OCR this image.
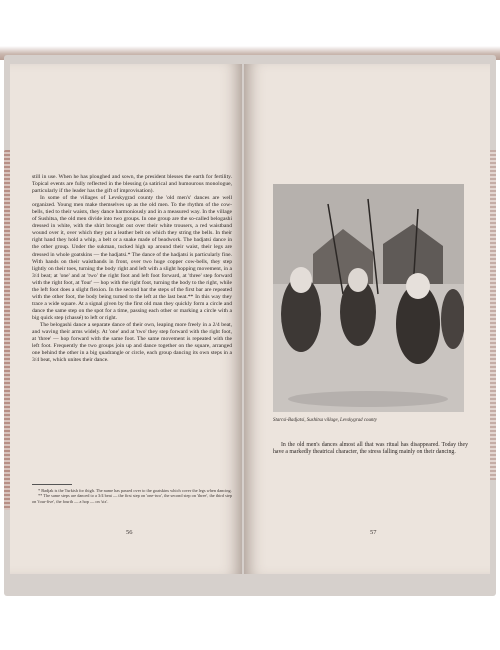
still in use. When he has ploughed and sown, the president blesses the earth for fertility. Topical events are fully reflected in the blessing (a satirical and humourous monologue, particularly if the leader has the gift of improvisation).

In some of the villages of Levskygrad county the 'old men's' dances are well organized. Young men make themselves up as the old men. To the rhythm of the cow-bells, tied to their waists, they dance harmoniously and in a measured way. In the village of Sushitsa, the old men divide into two groups. In one group are the so-called belogashi dressed in white, with the shirt brought out over their white trousers, a red waistband wound over it, over which they put a leather belt on which they string the bells. In their right hand they hold a whip, a belt or a snake made of beadwork. The badjatsi dance in the other group. Under the sukman, tucked high up around their waist, their legs are dressed in whole goatskins — the hadjatsi.* The dance of the hadjatsi is particularly fine. With hands on their waistbands in front, over two huge copper cow-bells, they step lightly on their toes, turning the body right and left with a slight hopping movement, in a 3/4 beat; at 'one' and at 'two' the right foot and left foot forward, at 'three' step forward with the right foot, at 'four' — hop with the right foot, turning the body to the right, while the left foot does a slight flexion. In the second bar the steps of the first bar are repeated with the other foot, the body being turned to the left at the last beat.** In this way they trace a wide square. At a signal given by the first old man they quickly form a circle and dance the same step on the spot for a time, passing each other or marking a circle with a big quick step (chassé) to left or right.

The belogashi dance a separate dance of their own, leaping more freely in a 2/4 beat, and waving their arms widely. At 'one' and at 'two' they step forward with the right foot, at 'three' — hop forward with the same foot. The same movement is repeated with the left foot. Frequently the two groups join up and dance together on the square, arranged one behind the other in a big quadrangle or circle, each group dancing its own steps in a 3/4 beat, which unites their dance.

* Badjak is the Turkish for thigh. The name has passed over to the goatskins which cover the legs when dancing.

** The same steps are danced to a 3/4 beat — the first step on 'one-two', the second step on 'three', the third step on 'four-five', the fourth — a hop — on 'six'.

56
Starcsi-Badjatsi, Sushitsa village, Levskygrad county

In the old men's dances almost all that was ritual has disappeared. Today they have a markedly theatrical character, the stress falling mainly on their dancing.

57
